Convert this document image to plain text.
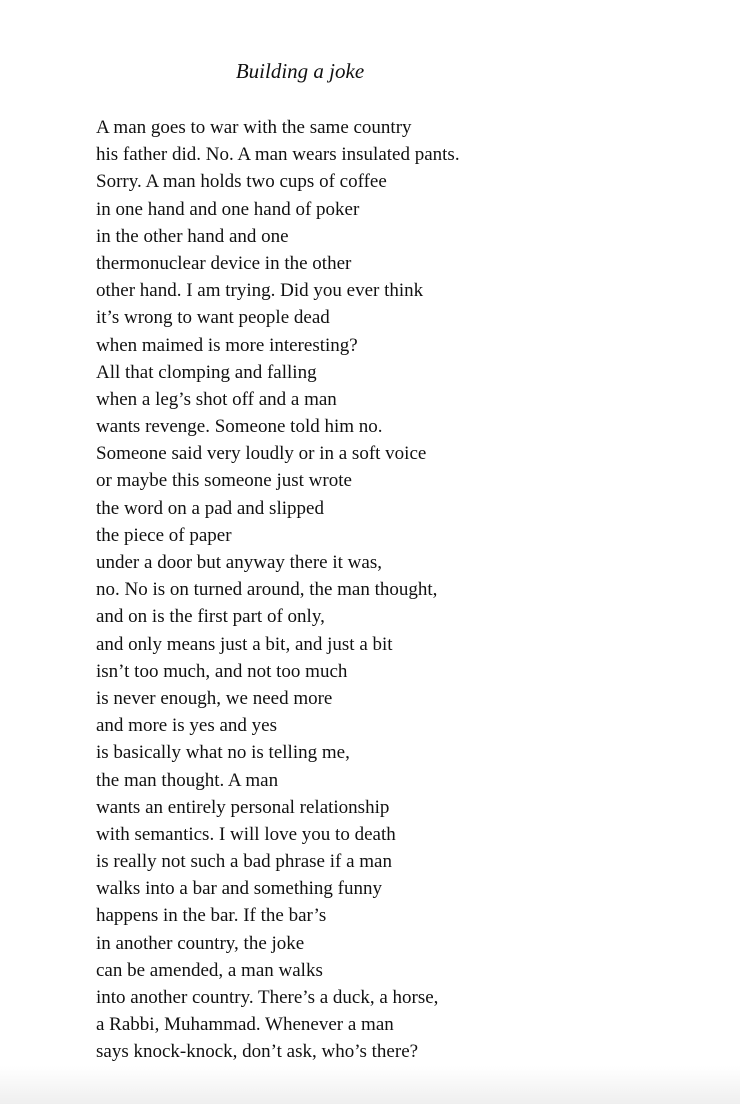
Building a joke
A man goes to war with the same country
his father did. No. A man wears insulated pants.
Sorry. A man holds two cups of coffee
in one hand and one hand of poker
in the other hand and one
thermonuclear device in the other
other hand. I am trying. Did you ever think
it’s wrong to want people dead
when maimed is more interesting?
All that clomping and falling
when a leg’s shot off and a man
wants revenge. Someone told him no.
Someone said very loudly or in a soft voice
or maybe this someone just wrote
the word on a pad and slipped
the piece of paper
under a door but anyway there it was,
no. No is on turned around, the man thought,
and on is the first part of only,
and only means just a bit, and just a bit
isn’t too much, and not too much
is never enough, we need more
and more is yes and yes
is basically what no is telling me,
the man thought. A man
wants an entirely personal relationship
with semantics. I will love you to death
is really not such a bad phrase if a man
walks into a bar and something funny
happens in the bar. If the bar’s
in another country, the joke
can be amended, a man walks
into another country. There’s a duck, a horse,
a Rabbi, Muhammad. Whenever a man
says knock-knock, don’t ask, who’s there?
